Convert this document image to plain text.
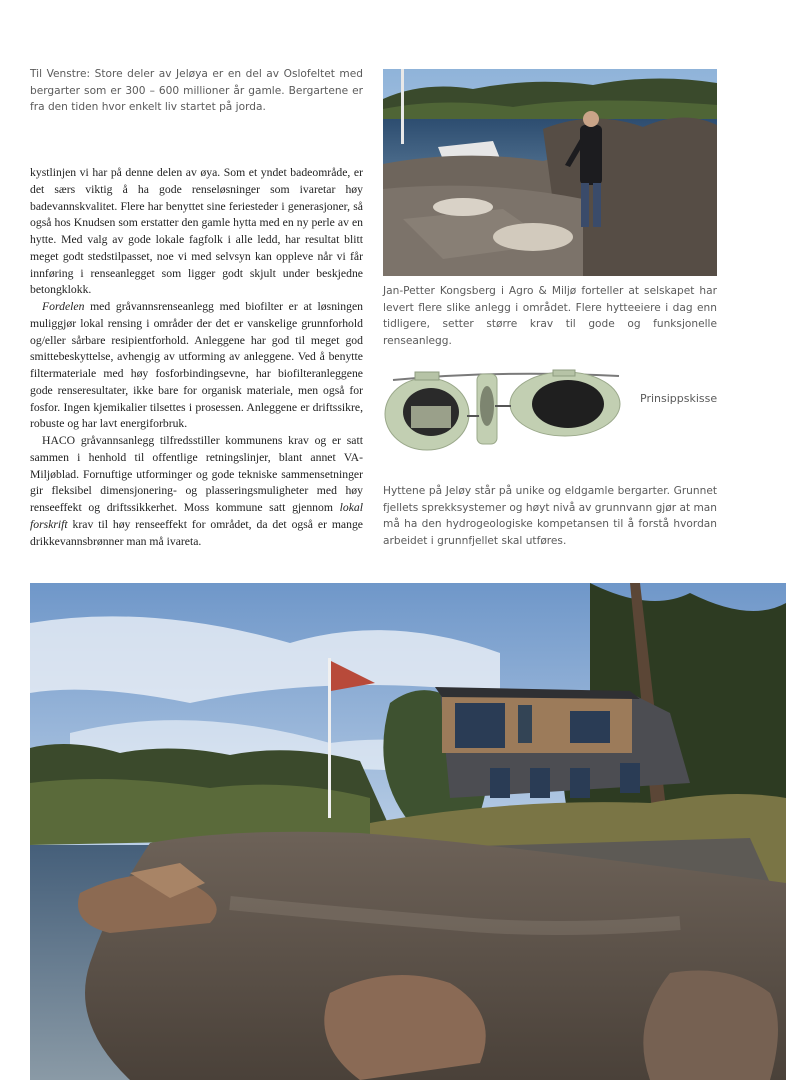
Til Venstre: Store deler av Jeløya er en del av Oslofeltet med bergarter som er 300 – 600 millioner år gamle. Bergartene er fra den tiden hvor enkelt liv startet på jorda.

kystlinjen vi har på denne delen av øya. Som et yndet badeområde, er det særs viktig å ha gode renseløsninger som ivaretar høy badevannskvalitet. Flere har benyttet sine feriesteder i generasjoner, så også hos Knudsen som erstatter den gamle hytta med en ny perle av en hytte. Med valg av gode lokale fagfolk i alle ledd, har resultat blitt meget godt stedstilpasset, noe vi med selvsyn kan oppleve når vi får innføring i renseanlegget som ligger godt skjult under beskjedne betongklokk.

Fordelen med gråvannsrenseanlegg med biofilter er at løsningen muliggjør lokal rensing i områder der det er vanskelige grunnforhold og/eller sårbare resipientforhold. Anleggene har god til meget god smittebeskyttelse, avhengig av utforming av anleggene. Ved å benytte filtermateriale med høy fosforbindingsevne, har biofilteranleggene gode renseresultater, ikke bare for organisk materiale, men også for fosfor. Ingen kjemikalier tilsettes i prosessen. Anleggene er driftssikre, robuste og har lavt energiforbruk.

HACO gråvannsanlegg tilfredsstiller kommunens krav og er satt sammen i henhold til offentlige retningslinjer, blant annet VA-Miljøblad. Fornuftige utforminger og gode tekniske sammensetninger gir fleksibel dimensjonering- og plasseringsmuligheter med høy renseeffekt og driftssikkerhet. Moss kommune satt gjennom lokal forskrift krav til høy renseeffekt for området, da det også er mange drikkevannsbrønner man må ivareta.

Jan-Petter Kongsberg i Agro & Miljø forteller at selskapet har levert flere slike anlegg i området. Flere hytteeiere i dag enn tidligere, setter større krav til gode og funksjonelle renseanlegg.

Prinsippskisse

Hyttene på Jeløy står på unike og eldgamle bergarter. Grunnet fjellets sprekksystemer og høyt nivå av grunnvann gjør at man må ha den hydrogeologiske kompetansen til å forstå hvordan arbeidet i grunnfjellet skal utføres.
